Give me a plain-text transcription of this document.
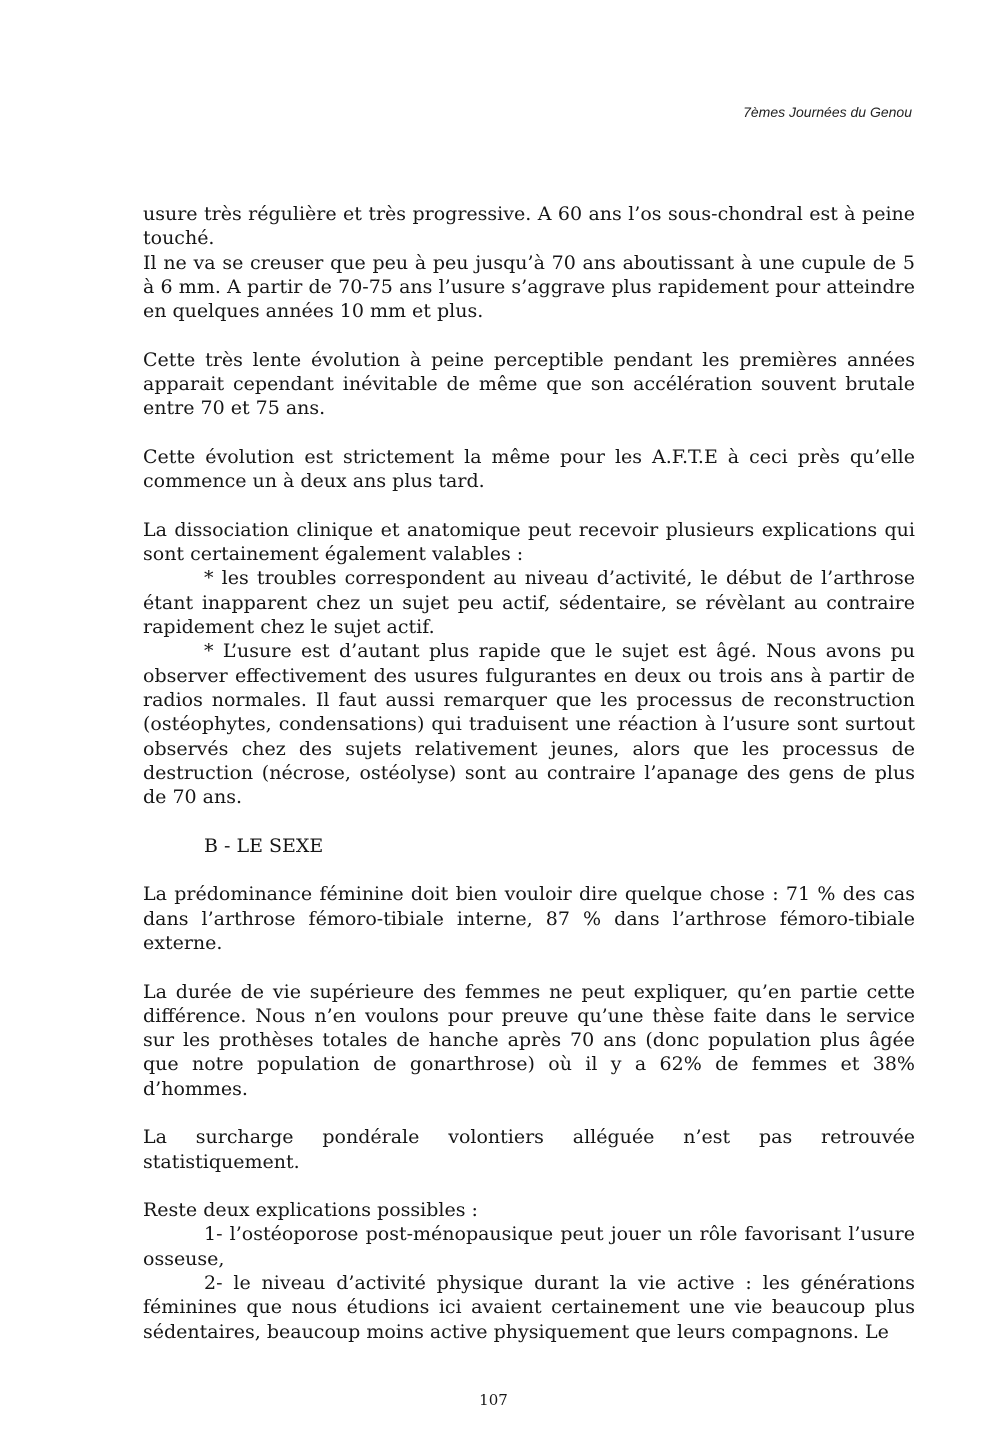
7èmes Journées du Genou

usure très régulière et très progressive. A 60 ans l’os sous-chondral est à peine touché.

Il ne va se creuser que peu à peu jusqu’à 70 ans aboutissant à une cupule de 5 à 6 mm. A partir de 70-75 ans l’usure s’aggrave plus rapidement pour atteindre en quelques années 10 mm et plus.

Cette très lente évolution à peine perceptible pendant les premières années apparait cependant inévitable de même que son accélération souvent brutale entre 70 et 75 ans.

Cette évolution est strictement la même pour les A.F.T.E à ceci près qu’elle commence un à deux ans plus tard.

La dissociation clinique et anatomique peut recevoir plusieurs explications qui sont certainement également valables :

* les troubles correspondent au niveau d’activité, le début de l’arthrose étant inapparent chez un sujet peu actif, sédentaire, se révèlant au contraire rapidement chez le sujet actif.

* L’usure est d’autant plus rapide que le sujet est âgé. Nous avons pu observer effectivement des usures fulgurantes en deux ou trois ans à partir de radios normales. Il faut aussi remarquer que les processus de reconstruction (ostéophytes, condensations) qui traduisent une réaction à l’usure sont surtout observés chez des sujets relativement jeunes, alors que les processus de destruction (nécrose, ostéolyse) sont au contraire l’apanage des gens de plus de 70 ans.

B - LE SEXE

La prédominance féminine doit bien vouloir dire quelque chose : 71 % des cas dans l’arthrose fémoro-tibiale interne, 87 % dans l’arthrose fémoro-tibiale externe.

La durée de vie supérieure des femmes ne peut expliquer, qu’en partie cette différence. Nous n’en voulons pour preuve qu’une thèse faite dans le service sur les prothèses totales de hanche après 70 ans (donc population plus âgée que notre population de gonarthrose) où il y a 62% de femmes et 38% d’hommes.

La surcharge pondérale volontiers alléguée n’est pas retrouvée statistiquement.

Reste deux explications possibles :

1- l’ostéoporose post-ménopausique peut jouer un rôle favorisant l’usure osseuse,

2- le niveau d’activité physique durant la vie active : les générations féminines que nous étudions ici avaient certainement une vie beaucoup plus sédentaires, beaucoup moins active physiquement que leurs compagnons. Le

107
